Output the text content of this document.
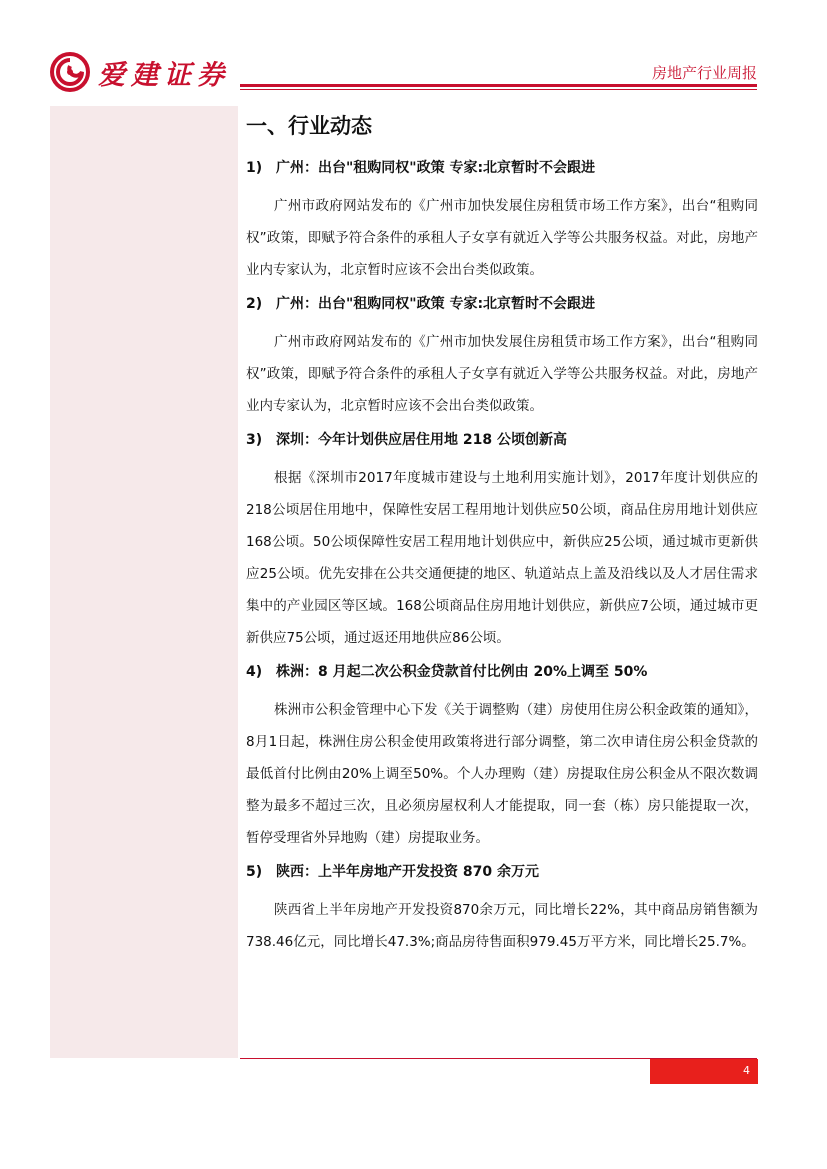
爱建证券	房地产行业周报
一、行业动态

1) 广州：出台"租购同权"政策 专家:北京暂时不会跟进

广州市政府网站发布的《广州市加快发展住房租赁市场工作方案》，出台“租购同权”政策，即赋予符合条件的承租人子女享有就近入学等公共服务权益。对此，房地产业内专家认为，北京暂时应该不会出台类似政策。

2) 广州：出台"租购同权"政策 专家:北京暂时不会跟进

广州市政府网站发布的《广州市加快发展住房租赁市场工作方案》，出台“租购同权”政策，即赋予符合条件的承租人子女享有就近入学等公共服务权益。对此，房地产业内专家认为，北京暂时应该不会出台类似政策。

3) 深圳：今年计划供应居住用地 218 公顷创新高

根据《深圳市2017年度城市建设与土地利用实施计划》，2017年度计划供应的218公顷居住用地中，保障性安居工程用地计划供应50公顷，商品住房用地计划供应168公顷。50公顷保障性安居工程用地计划供应中，新供应25公顷，通过城市更新供应25公顷。优先安排在公共交通便捷的地区、轨道站点上盖及沿线以及人才居住需求集中的产业园区等区域。168公顷商品住房用地计划供应，新供应7公顷，通过城市更新供应75公顷，通过返还用地供应86公顷。

4) 株洲：8 月起二次公积金贷款首付比例由 20%上调至 50%

株洲市公积金管理中心下发《关于调整购（建）房使用住房公积金政策的通知》，8月1日起，株洲住房公积金使用政策将进行部分调整，第二次申请住房公积金贷款的最低首付比例由20%上调至50%。个人办理购（建）房提取住房公积金从不限次数调整为最多不超过三次，且必须房屋权利人才能提取，同一套（栋）房只能提取一次，暂停受理省外异地购（建）房提取业务。

5) 陕西：上半年房地产开发投资 870 余万元

陕西省上半年房地产开发投资870余万元，同比增长22%，其中商品房销售额为738.46亿元，同比增长47.3%;商品房待售面积979.45万平方米，同比增长25.7%。

4
